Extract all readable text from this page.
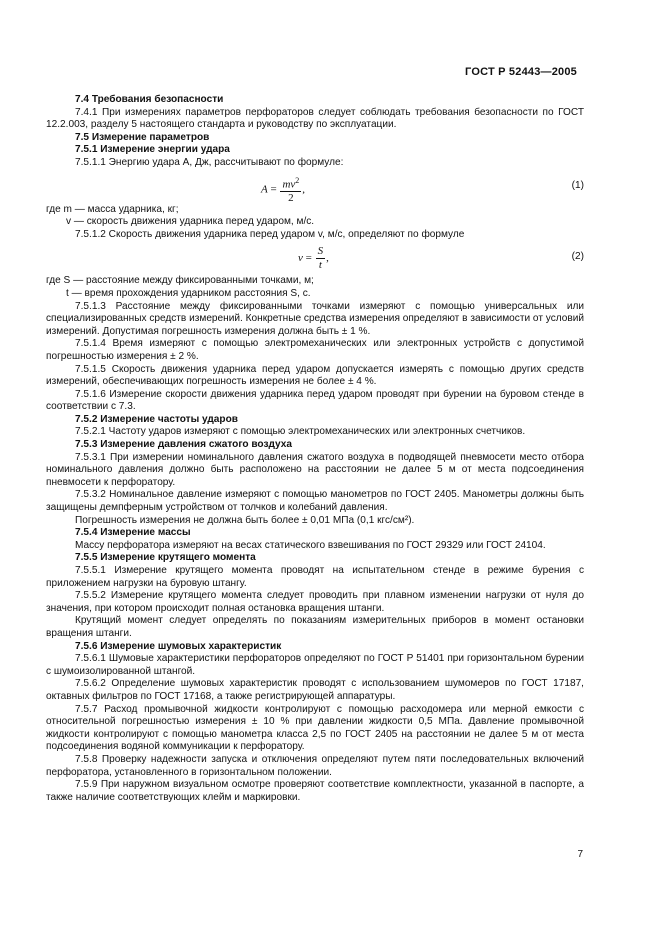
ГОСТ Р 52443—2005
7.4 Требования безопасности
7.4.1 При измерениях параметров перфораторов следует соблюдать требования безопасности по ГОСТ 12.2.003, разделу 5 настоящего стандарта и руководству по эксплуатации.
7.5 Измерение параметров
7.5.1 Измерение энергии удара
7.5.1.1 Энергию удара A, Дж, рассчитывают по формуле:
$A = \frac{mv^2}{2}$ ,	(1)
где m — масса ударника, кг;
v — скорость движения ударника перед ударом, м/с.
7.5.1.2 Скорость движения ударника перед ударом v, м/с, определяют по формуле
$v = \frac{S}{t}$ ,	(2)
где S — расстояние между фиксированными точками, м;
t — время прохождения ударником расстояния S, с.
7.5.1.3 Расстояние между фиксированными точками измеряют с помощью универсальных или специализированных средств измерений. Конкретные средства измерения определяют в зависимости от условий измерений. Допустимая погрешность измерения должна быть ± 1 %.
7.5.1.4 Время измеряют с помощью электромеханических или электронных устройств с допустимой погрешностью измерения ± 2 %.
7.5.1.5 Скорость движения ударника перед ударом допускается измерять с помощью других средств измерений, обеспечивающих погрешность измерения не более ± 4 %.
7.5.1.6 Измерение скорости движения ударника перед ударом проводят при бурении на буровом стенде в соответствии с 7.3.
7.5.2 Измерение частоты ударов
7.5.2.1 Частоту ударов измеряют с помощью электромеханических или электронных счетчиков.
7.5.3 Измерение давления сжатого воздуха
7.5.3.1 При измерении номинального давления сжатого воздуха в подводящей пневмосети место отбора номинального давления должно быть расположено на расстоянии не далее 5 м от места подсоединения пневмосети к перфоратору.
7.5.3.2 Номинальное давление измеряют с помощью манометров по ГОСТ 2405. Манометры должны быть защищены демпферным устройством от толчков и колебаний давления.
Погрешность измерения не должна быть более ± 0,01 МПа (0,1 кгс/см²).
7.5.4 Измерение массы
Массу перфоратора измеряют на весах статического взвешивания по ГОСТ 29329 или ГОСТ 24104.
7.5.5 Измерение крутящего момента
7.5.5.1 Измерение крутящего момента проводят на испытательном стенде в режиме бурения с приложением нагрузки на буровую штангу.
7.5.5.2 Измерение крутящего момента следует проводить при плавном изменении нагрузки от нуля до значения, при котором происходит полная остановка вращения штанги.
Крутящий момент следует определять по показаниям измерительных приборов в момент остановки вращения штанги.
7.5.6 Измерение шумовых характеристик
7.5.6.1 Шумовые характеристики перфораторов определяют по ГОСТ Р 51401 при горизонтальном бурении с шумоизолированной штангой.
7.5.6.2 Определение шумовых характеристик проводят с использованием шумомеров по ГОСТ 17187, октавных фильтров по ГОСТ 17168, а также регистрирующей аппаратуры.
7.5.7 Расход промывочной жидкости контролируют с помощью расходомера или мерной емкости с относительной погрешностью измерения ± 10 % при давлении жидкости 0,5 МПа. Давление промывочной жидкости контролируют с помощью манометра класса 2,5 по ГОСТ 2405 на расстоянии не далее 5 м от места подсоединения водяной коммуникации к перфоратору.
7.5.8 Проверку надежности запуска и отключения определяют путем пяти последовательных включений перфоратора, установленного в горизонтальном положении.
7.5.9 При наружном визуальном осмотре проверяют соответствие комплектности, указанной в паспорте, а также наличие соответствующих клейм и маркировки.
7
